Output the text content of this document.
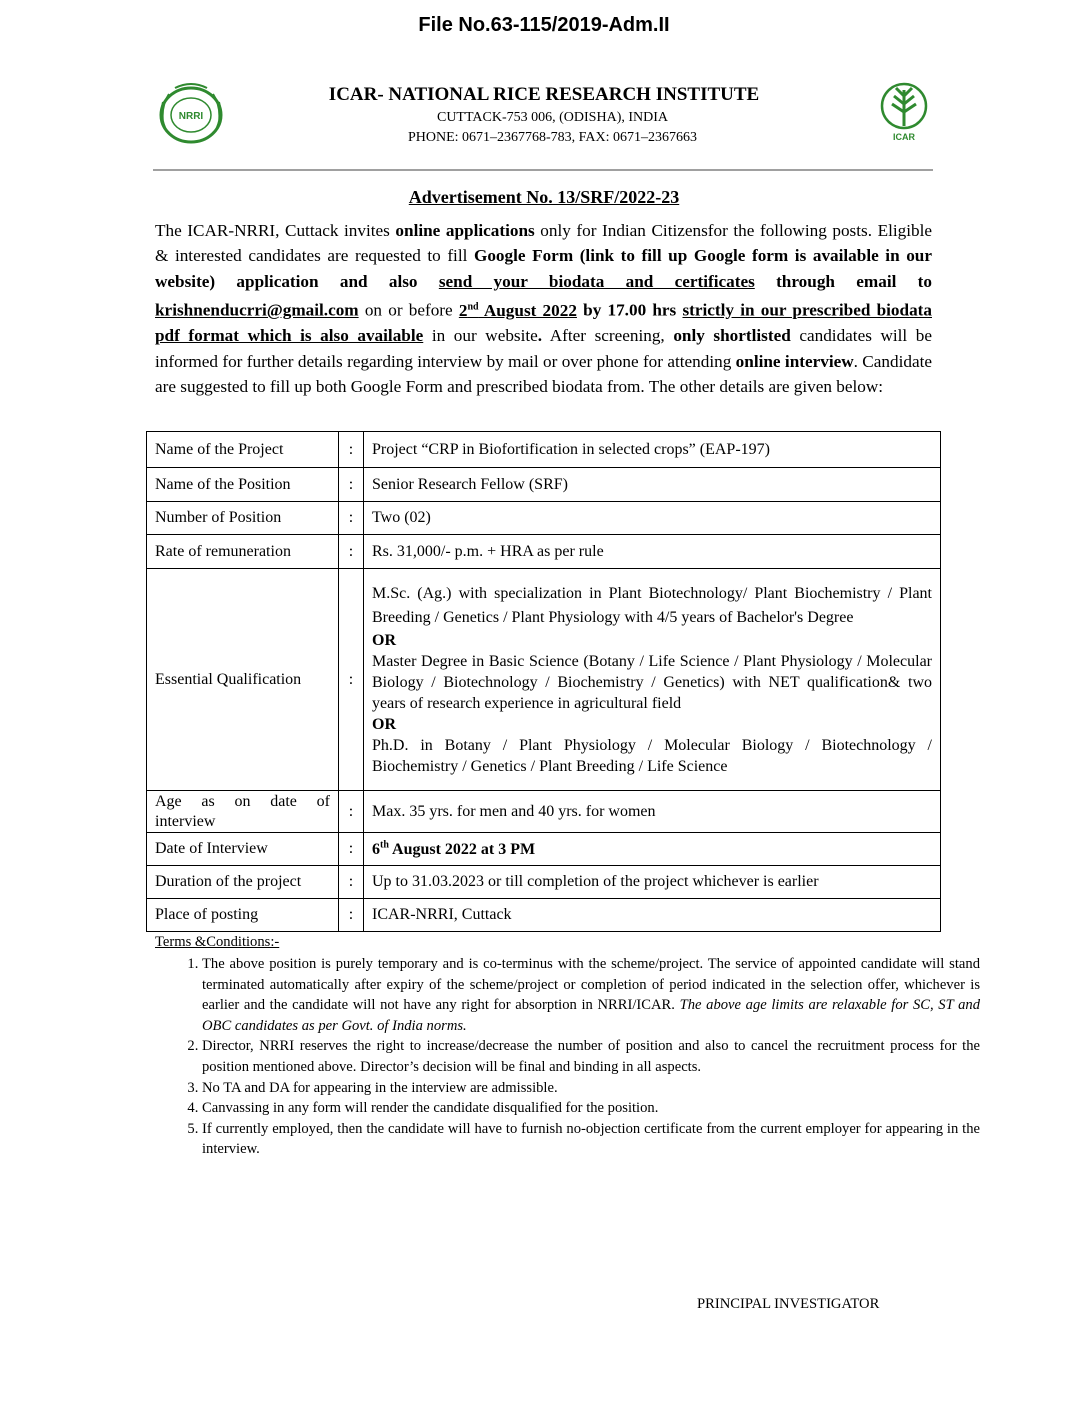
File No.63-115/2019-Adm.II
NRRI
ICAR
ICAR- NATIONAL RICE RESEARCH INSTITUTE
CUTTACK-753 006, (ODISHA), INDIA
PHONE: 0671–2367768-783, FAX: 0671–2367663
Advertisement No. 13/SRF/2022-23
The ICAR-NRRI, Cuttack invites online applications only for Indian Citizensfor the following posts. Eligible & interested candidates are requested to fill Google Form (link to fill up Google form is available in our website) application and also send your biodata and certificates through email to krishnenducrri@gmail.com on or before 2nd August 2022 by 17.00 hrs strictly in our prescribed biodata pdf format which is also available in our website. After screening, only shortlisted candidates will be informed for further details regarding interview by mail or over phone for attending online interview. Candidate are suggested to fill up both Google Form and prescribed biodata from. The other details are given below:
Name of the Project	:	Project “CRP in Biofortification in selected crops” (EAP-197)
Name of the Position	:	Senior Research Fellow (SRF)
Number of Position	:	Two (02)
Rate of remuneration	:	Rs. 31,000/- p.m. + HRA as per rule
Essential Qualification	:	M.Sc. (Ag.) with specialization in Plant Biotechnology/ Plant Biochemistry / Plant Breeding / Genetics / Plant Physiology with 4/5 years of Bachelor's Degree

OR

Master Degree in Basic Science (Botany / Life Science / Plant Physiology / Molecular Biology / Biotechnology / Biochemistry / Genetics) with NET qualification& two years of research experience in agricultural field

OR

Ph.D. in Botany / Plant Physiology / Molecular Biology / Biotechnology / Biochemistry / Genetics / Plant Breeding / Life Science

Age as on date of interview	:	Max. 35 yrs. for men and 40 yrs. for women
Date of Interview	:	6th August 2022 at 3 PM
Duration of the project	:	Up to 31.03.2023 or till completion of the project whichever is earlier
Place of posting	:	ICAR-NRRI, Cuttack
Terms &Conditions:-
1. The above position is purely temporary and is co-terminus with the scheme/project. The service of appointed candidate will stand terminated automatically after expiry of the scheme/project or completion of period indicated in the selection offer, whichever is earlier and the candidate will not have any right for absorption in NRRI/ICAR. The above age limits are relaxable for SC, ST and OBC candidates as per Govt. of India norms.
2. Director, NRRI reserves the right to increase/decrease the number of position and also to cancel the recruitment process for the position mentioned above. Director’s decision will be final and binding in all aspects.
3. No TA and DA for appearing in the interview are admissible.
4. Canvassing in any form will render the candidate disqualified for the position.
5. If currently employed, then the candidate will have to furnish no-objection certificate from the current employer for appearing in the interview.
PRINCIPAL INVESTIGATOR
